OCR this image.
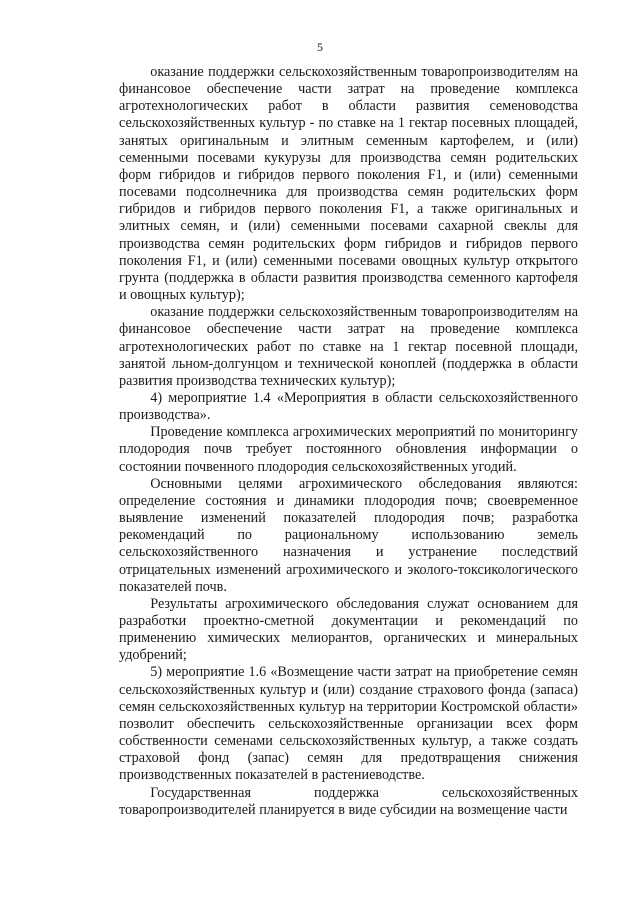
5

оказание поддержки сельскохозяйственным товаропроизводителям на финансовое обеспечение части затрат на проведение комплекса агротехнологических работ в области развития семеноводства сельскохозяйственных культур - по ставке на 1 гектар посевных площадей, занятых оригинальным и элитным семенным картофелем, и (или) семенными посевами кукурузы для производства семян родительских форм гибридов и гибридов первого поколения F1, и (или) семенными посевами подсолнечника для производства семян родительских форм гибридов и гибридов первого поколения F1, а также оригинальных и элитных семян, и (или) семенными посевами сахарной свеклы для производства семян родительских форм гибридов и гибридов первого поколения F1, и (или) семенными посевами овощных культур открытого грунта (поддержка в области развития производства семенного картофеля и овощных культур);

оказание поддержки сельскохозяйственным товаропроизводителям на финансовое обеспечение части затрат на проведение комплекса агротехнологических работ по ставке на 1 гектар посевной площади, занятой льном-долгунцом и технической коноплей (поддержка в области развития производства технических культур);

4) мероприятие 1.4 «Мероприятия в области сельскохозяйственного производства».

Проведение комплекса агрохимических мероприятий по мониторингу плодородия почв требует постоянного обновления информации о состоянии почвенного плодородия сельскохозяйственных угодий.

Основными целями агрохимического обследования являются: определение состояния и динамики плодородия почв; своевременное выявление изменений показателей плодородия почв; разработка рекомендаций по рациональному использованию земель сельскохозяйственного назначения и устранение последствий отрицательных изменений агрохимического и эколого-токсикологического показателей почв.

Результаты агрохимического обследования служат основанием для разработки проектно-сметной документации и рекомендаций по применению химических мелиорантов, органических и минеральных удобрений;

5) мероприятие 1.6 «Возмещение части затрат на приобретение семян сельскохозяйственных культур и (или) создание страхового фонда (запаса) семян сельскохозяйственных культур на территории Костромской области» позволит обеспечить сельскохозяйственные организации всех форм собственности семенами сельскохозяйственных культур, а также создать страховой фонд (запас) семян для предотвращения снижения производственных показателей в растениеводстве.

Государственная поддержка сельскохозяйственных товаропроизводителей планируется в виде субсидии на возмещение части
